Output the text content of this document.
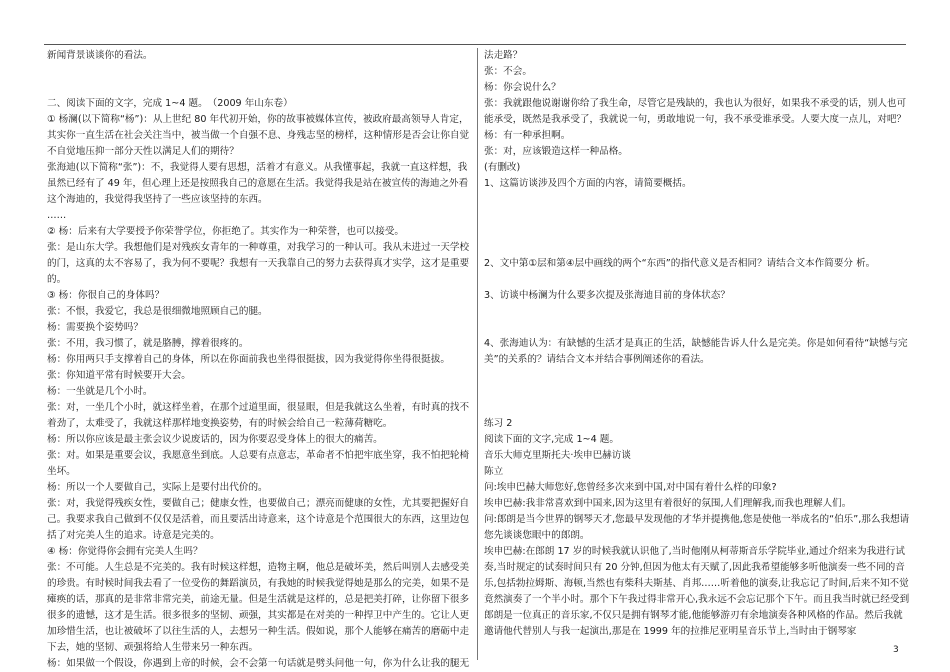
新闻背景谈谈你的看法。

二、阅读下面的文字，完成 1~4 题。　（2009 年山东卷）

① 杨澜(以下简称“杨”)：从上世纪 80 年代初开始，你的故事被媒体宣传，被政府最高领导人肯定，其实你一直生活在社会关注当中，被当做一个自强不息、身残志坚的榜样，这种情形是否会让你自觉不自觉地压抑一部分天性以满足人们的期待？

张海迪(以下简称“张”)：不，我觉得人要有思想，活着才有意义。从我懂事起，我就一直这样想，我虽然已经有了 49 年，但心理上还是按照我自己的意愿在生活。我觉得我是站在被宣传的海迪之外看这个海迪的，我觉得我坚持了一些应该坚持的东西。

……

② 杨：后来有大学要授予你荣誉学位，你拒绝了。其实作为一种荣誉，也可以接受。

张：是山东大学。我想他们是对残疾女青年的一种尊重，对我学习的一种认可。我从未进过一天学校的门，这真的太不容易了，我为何不要呢？我想有一天我靠自己的努力去获得真才实学，这才是重要的。

③ 杨：你很自己的身体吗？

张：不恨，我爱它，我总是很细微地照顾自己的腿。

杨：需要换个姿势吗？

张：不用，我习惯了，就是胳膊，撑着很疼的。

杨：你用两只手支撑着自己的身体，所以在你面前我也坐得很挺拔，因为我觉得你坐得很挺拔。

张：你知道平常有时候要开大会。

杨：一坐就是几个小时。

张：对，一坐几个小时，就这样坐着，在那个过道里面，很显眼，但是我就这么坐着，有时真的找不着劲了，太难受了，我就这样那样地变换姿势，有的时候会给自己一粒薄荷糖吃。

杨：所以你应该是最主张会议少说废话的，因为你要忍受身体上的很大的痛苦。

张：对。如果是重要会议，我愿意坐到底。人总要有点意志，革命者不怕把牢底坐穿，我不怕把轮椅坐坏。

杨：所以一个人要做自己，实际上是要付出代价的。

张：对，我觉得残疾女性，要做自己；健康女性，也要做自己；漂亮而健康的女性，尤其要把握好自己。我要求我自己做到不仅仅是活着，而且要活出诗意来，这个诗意是个范围很大的东西，这里边包括了对完美人生的追求。诗意是完美的。

④ 杨：你觉得你会拥有完美人生吗？

张：不可能。人生总是不完美的。我有时候这样想，造物主啊，他总是破坏美，然后叫别人去感受美的珍贵。有时候时间我去看了一位受伤的舞蹈演员，有我她的时候我觉得她是那么的完美，如果不是瘫痪的话，那真的是非常非常完美，前途无量。但是生活就是这样的，总是把美打碎，让你留下很多很多的遗憾，这才是生活。很多很多的坚韧、顽强，其实都是在对美的一种捍卫中产生的。它让人更加珍惜生活，也让被破坏了以往生活的人，去想另一种生活。假如说，那个人能够在痛苦的磨砺中走下去，她的坚韧、顽强将给人生带来另一种东西。

杨：如果做一个假设，你遇到上帝的时候，会不会第一句话就是劈头问他一句，你为什么让我的腿无

法走路？

张：不会。

杨：你会说什么？

张：我就跟他说谢谢你给了我生命，尽管它是残缺的，我也认为很好，如果我不承受的话，别人也可能承受，既然是我承受了，我就说一句，勇敢地说一句，我不承受谁承受。人要大度一点儿，对吧？

杨：有一种承担啊。

张：对，应该锻造这样一种品格。

(有删改)

1、这篇访谈涉及四个方面的内容，请简要概括。

2、文中第①层和第④层中画线的两个“东西”的指代意义是否相同？请结合文本作简要分 析。

3、访谈中杨澜为什么要多次提及张海迪目前的身体状态？

4、张海迪认为：有缺憾的生活才是真正的生活，缺憾能告诉人什么是完美。你是如何看待“缺憾与完美”的关系的？请结合文本并结合事例阐述你的看法。

练习 2

阅读下面的文字,完成 1~4 题。

音乐大师克里斯托夫·埃申巴赫访谈

陈立

问:埃申巴赫大师您好,您曾经多次来到中国,对中国有着什么样的印象?

埃申巴赫:我非常喜欢到中国来,因为这里有着很好的氛围,人们理解我,而我也理解人们。

问:郎朗是当今世界的钢琴天才,您最早发现他的才华并提携他,您是使他一举成名的“伯乐”,那么我想请您先谈谈您眼中的郎朗。

埃申巴赫:在郎朗 17 岁的时候我就认识他了,当时他刚从柯蒂斯音乐学院毕业,通过介绍来为我进行试奏,当时规定的试奏时间只有 20 分钟,但因为他太有天赋了,因此我希望能够多听他演奏一些不同的音乐,包括勃拉姆斯、海顿,当然也有柴科夫斯基、肖邦……听着他的演奏,让我忘记了时间,后来不知不觉竟然演奏了一个半小时。那个下午我过得非常开心,我永远不会忘记那个下午。而且我当时就已经受到郎朗是一位真正的音乐家,不仅只是拥有钢琴才能,他能够游刃有余地演奏各种风格的作品。然后我就邀请他代替别人与我一起演出,那是在 1999 年的拉推尼亚明星音乐节上,当时由于钢琴家

3
